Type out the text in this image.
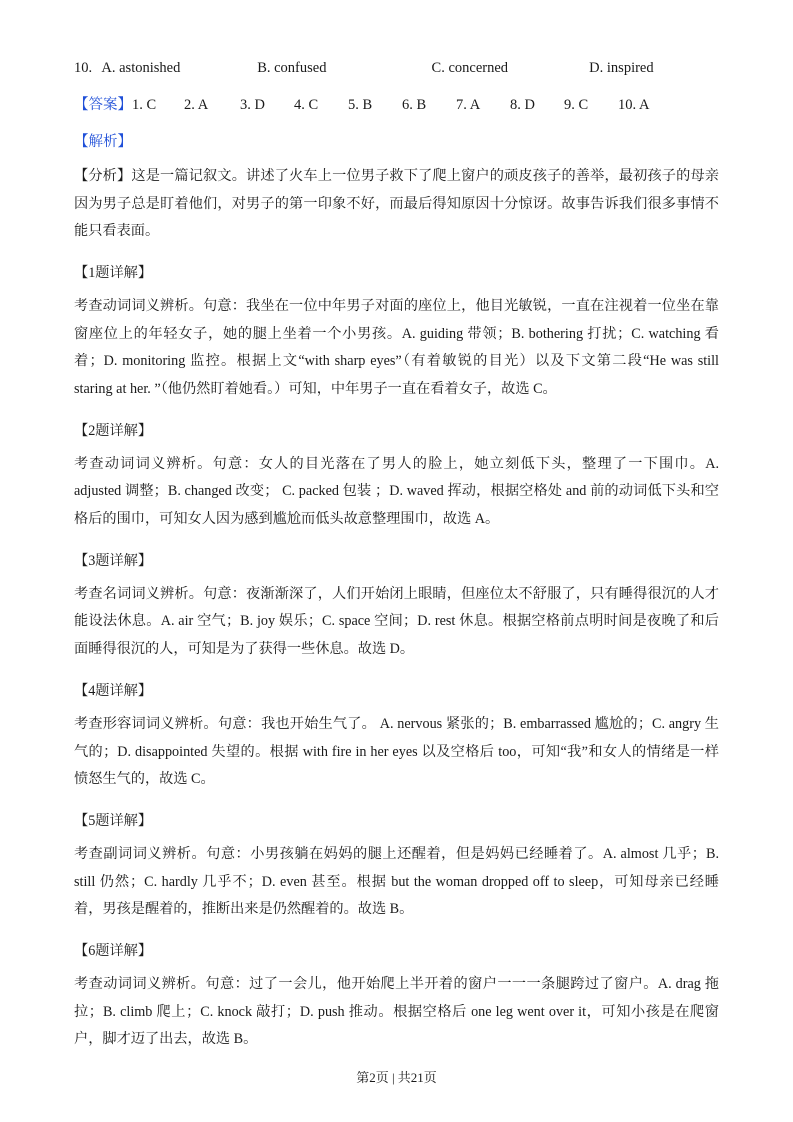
10. A. astonished	B. confused	C. concerned	D. inspired
【答案】1. C 2. A 3. D 4. C 5. B 6. B 7. A 8. D 9. C 10. A
【解析】
【分析】这是一篇记叙文。讲述了火车上一位男子救下了爬上窗户的顽皮孩子的善举，最初孩子的母亲因为男子总是盯着他们，对男子的第一印象不好，而最后得知原因十分惊讶。故事告诉我们很多事情不能只看表面。
【1题详解】
考查动词词义辨析。句意：我坐在一位中年男子对面的座位上，他目光敏锐，一直在注视着一位坐在靠窗座位上的年轻女子，她的腿上坐着一个小男孩。A. guiding 带领；B. bothering 打扰；C. watching 看着；D. monitoring 监控。根据上文“with sharp eyes”（有着敏锐的目光）以及下文第二段“He was still staring at her. ”（他仍然盯着她看。）可知，中年男子一直在看着女子，故选 C。
【2题详解】
考查动词词义辨析。句意：女人的目光落在了男人的脸上，她立刻低下头，整理了一下围巾。A. adjusted 调整；B. changed 改变； C. packed 包装 ；D. waved 挥动，根据空格处 and 前的动词低下头和空格后的围巾，可知女人因为感到尴尬而低头故意整理围巾，故选 A。
【3题详解】
考查名词词义辨析。句意：夜渐渐深了，人们开始闭上眼睛，但座位太不舒服了，只有睡得很沉的人才能设法休息。A. air 空气；B. joy 娱乐；C. space 空间；D. rest 休息。根据空格前点明时间是夜晚了和后面睡得很沉的人，可知是为了获得一些休息。故选 D。
【4题详解】
考查形容词词义辨析。句意：我也开始生气了。 A. nervous 紧张的；B. embarrassed 尴尬的；C. angry 生气的；D. disappointed 失望的。根据 with fire in her eyes 以及空格后 too，可知“我”和女人的情绪是一样愤怒生气的，故选 C。
【5题详解】
考查副词词义辨析。句意：小男孩躺在妈妈的腿上还醒着，但是妈妈已经睡着了。A. almost 几乎；B. still 仍然；C. hardly 几乎不；D. even 甚至。根据 but the woman dropped off to sleep，可知母亲已经睡着，男孩是醒着的，推断出来是仍然醒着的。故选 B。
【6题详解】
考查动词词义辨析。句意：过了一会儿，他开始爬上半开着的窗户一一一条腿跨过了窗户。A. drag 拖拉；B. climb 爬上；C. knock 敲打；D. push 推动。根据空格后 one leg went over it，可知小孩是在爬窗户，脚才迈了出去，故选 B。
第2页 | 共21页
